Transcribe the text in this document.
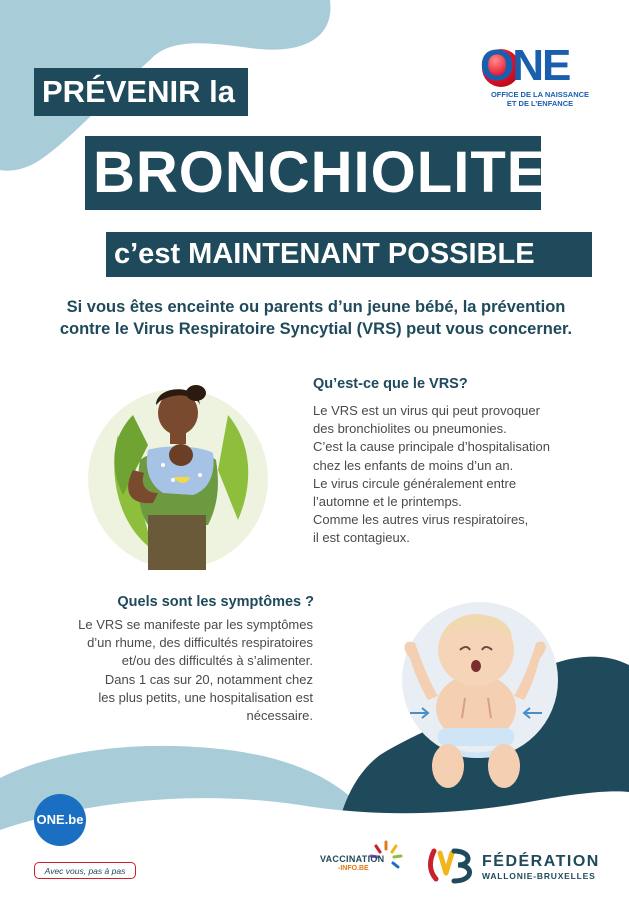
PRÉVENIR la
BRONCHIOLITE,
c’est MAINTENANT POSSIBLE
ONE
OFFICE DE LA NAISSANCE
ET DE L’ENFANCE
Si vous êtes enceinte ou parents d’un jeune bébé, la prévention
contre le Virus Respiratoire Syncytial (VRS) peut vous concerner.
Qu’est-ce que le VRS?
Le VRS est un virus qui peut provoquer
des bronchiolites ou pneumonies.
C’est la cause principale d’hospitalisation
chez les enfants de moins d’un an.
Le virus circule généralement entre
l’automne et le printemps.
Comme les autres virus respiratoires,
il est contagieux.
Quels sont les symptômes ?
Le VRS se manifeste par les symptômes
d’un rhume, des difficultés respiratoires
et/ou des difficultés à s’alimenter.
Dans 1 cas sur 20, notamment chez
les plus petits, une hospitalisation est
nécessaire.
ONE.be
Avec vous, pas à pas
VACCINATION
-INFO.BE	FÉDÉRATION
WALLONIE-BRUXELLES
